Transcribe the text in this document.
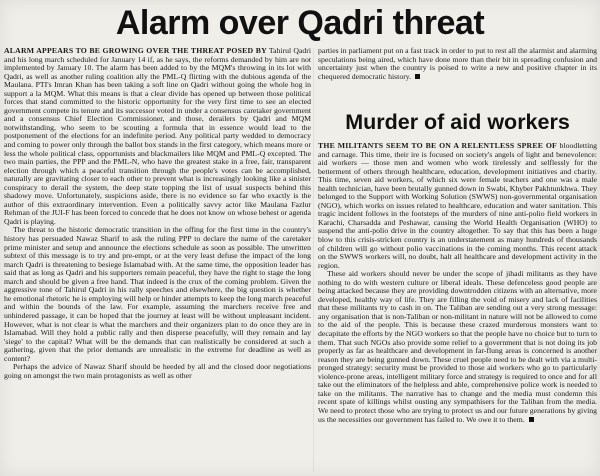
Alarm over Qadri threat

ALARM APPEARS TO BE GROWING OVER THE THREAT POSED BY Tahirul Qadri and his long march scheduled for January 14 if, as he says, the reforms demanded by him are not implemented by January 10. The alarm has been added to by the MQM's throwing in its lot with Qadri, as well as another ruling coalition ally the PML-Q flirting with the dubious agenda of the Maulana. PTI's Imran Khan has been taking a soft line on Qadri without going the whole hog in support a la MQM. What this means is that a clear divide has opened up between those political forces that stand committed to the historic opportunity for the very first time to see an elected government compete its tenure and its successor voted in under a consensus caretaker government and a consensus Chief Election Commissioner, and those, derailers by Qadri and MQM notwithstanding, who seem to be scouting a formula that in essence would lead to the postponement of the elections for an indefinite period. Any political party wedded to democracy and coming to power only through the ballot box stands in the first category, which means more or less the whole political class, opportunists and blackmailers like MQM and PML-Q excepted. The two main parties, the PPP and the PML-N, who have the greatest stake in a free, fair, transparent election through which a peaceful transition through the people's votes can be accomplished, naturally are gravitating closer to each other to prevent what is increasingly looking like a sinister conspiracy to derail the system, the deep state topping the list of usual suspects behind this shadowy move. Unfortunately, suspicions aside, there is no evidence so far who exactly is the author of this extraordinary intervention. Even a politically savvy actor like Maulana Fazlur Rehman of the JUI-F has been forced to concede that he does not know on whose behest or agenda Qadri is playing.

The threat to the historic democratic transition in the offing for the first time in the country's history has persuaded Nawaz Sharif to ask the ruling PPP to declare the name of the caretaker prime minister and setup and announce the elections schedule as soon as possible. The unwritten subtext of this message is to try and pre-empt, or at the very least defuse the impact of the long march Qadri is threatening to besiege Islamabad with. At the same time, the opposition leader has said that as long as Qadri and his supporters remain peaceful, they have the right to stage the long march and should be given a free hand. That indeed is the crux of the coming problem. Given the aggressive tone of Tahirul Qadri in his rally speeches and elsewhere, the big question is whether he emotional rhetoric he is employing will help or hinder attempts to keep the long march peaceful and within the bounds of the law. For example, assuming the marchers receive free and unhindered passage, it can be hoped that the journey at least will be without unpleasant incident. However, what is not clear is what the marchers and their organizers plan to do once they are in Islamabad. Will they hold a public rally and then disperse peacefully, will they remain and lay 'siege' to the capital? What will be the demands that can realistically be considered at such a gathering, given that the prior demands are unrealistic in the extreme for deadline as well as content?

Perhaps the advice of Nawaz Sharif should be heeded by all and the closed door negotiations going on amongst the two main protagonists as well as other

parties in parliament put on a fast track in order to put to rest all the alarmist and alarming speculations being aired, which have done more than their bit in spreading confusion and uncertainty just when the country is poised to write a new and positive chapter in its chequered democratic history.

Murder of aid workers

THE MILITANTS SEEM TO BE ON A RELENTLESS SPREE OF bloodletting and carnage. This time, their ire is focused on society's angels of light and benevolence: aid workers — those men and women who work tirelessly and selflessly for the betterment of others through healthcare, education, development initiatives and charity. This time, seven aid workers, of which six were female teachers and one was a male health technician, have been brutally gunned down in Swabi, Khyber Pakhtunkhwa. They belonged to the Support with Working Solution (SWWS) non-governmental organisation (NGO), which works on issues related to healthcare, education and water sanitation. This tragic incident follows in the footsteps of the murders of nine anti-polio field workers in Karachi, Charsadda and Peshawar, causing the World Health Organisation (WHO) to suspend the anti-polio drive in the country altogether. To say that this has been a huge blow to this crisis-stricken country is an understatement as many hundreds of thousands of children will go without polio vaccinations in the coming months. This recent attack on the SWWS workers will, no doubt, halt all healthcare and development activity in the region.

These aid workers should never be under the scope of jihadi militants as they have nothing to do with western culture or liberal ideals. These defenceless good people are being attacked because they are providing downtrodden citizens with an alternative, more developed, healthy way of life. They are filling the void of misery and lack of facilities that these militants try to cash in on. The Taliban are sending out a very strong message: any organisation that is non-Taliban or non-militant in nature will not be allowed to come to the aid of the people. This is because these crazed murderous monsters want to decapitate the efforts by the NGO workers so that the people have no choice but to turn to them. That such NGOs also provide some relief to a government that is not doing its job properly as far as healthcare and development in far-flung areas is concerned is another reason they are being gunned down. These cruel people need to be dealt with via a multi-pronged strategy: security must be provided to those aid workers who go to particularly violence-prone areas, intelligent military force and strategy is required to once and for all take out the eliminators of the helpless and able, comprehensive police work is needed to take on the militants. The narrative has to change and the media must condemn this recent spate of killings whilst ousting any sympathisers for the Taliban from the media. We need to protect those who are trying to protect us and our future generations by giving us the necessities our government has failed to. We owe it to them.
